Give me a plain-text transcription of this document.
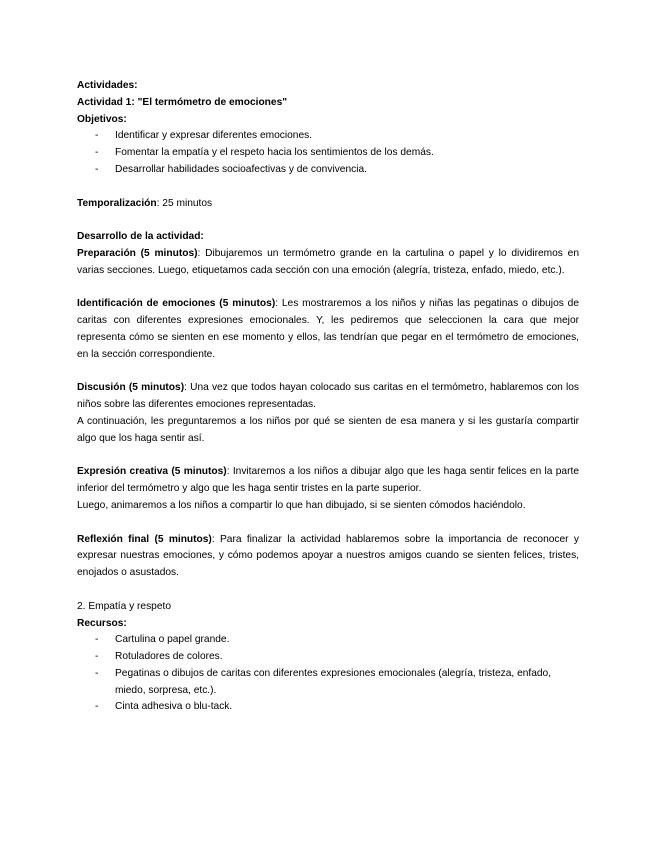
Actividades:

Actividad 1: "El termómetro de emociones"

Objetivos:

- Identificar y expresar diferentes emociones.
- Fomentar la empatía y el respeto hacia los sentimientos de los demás.
- Desarrollar habilidades socioafectivas y de convivencia.

Temporalización: 25 minutos

Desarrollo de la actividad:

Preparación (5 minutos): Dibujaremos un termómetro grande en la cartulina o papel y lo dividiremos en varias secciones. Luego, etiquetamos cada sección con una emoción (alegría, tristeza, enfado, miedo, etc.).

Identificación de emociones (5 minutos): Les mostraremos a los niños y niñas las pegatinas o dibujos de caritas con diferentes expresiones emocionales. Y, les pediremos que seleccionen la cara que mejor representa cómo se sienten en ese momento y ellos, las tendrían que pegar en el termómetro de emociones, en la sección correspondiente.

Discusión (5 minutos): Una vez que todos hayan colocado sus caritas en el termómetro, hablaremos con los niños sobre las diferentes emociones representadas.

A continuación, les preguntaremos a los niños por qué se sienten de esa manera y si les gustaría compartir algo que los haga sentir así.

Expresión creativa (5 minutos): Invitaremos a los niños a dibujar algo que les haga sentir felices en la parte inferior del termómetro y algo que les haga sentir tristes en la parte superior.

Luego, animaremos a los niños a compartir lo que han dibujado, si se sienten cómodos haciéndolo.

Reflexión final (5 minutos): Para finalizar la actividad hablaremos sobre la importancia de reconocer y expresar nuestras emociones, y cómo podemos apoyar a nuestros amigos cuando se sienten felices, tristes, enojados o asustados.

2. Empatía y respeto

Recursos:

- Cartulina o papel grande.
- Rotuladores de colores.
- Pegatinas o dibujos de caritas con diferentes expresiones emocionales (alegría, tristeza, enfado, miedo, sorpresa, etc.).
- Cinta adhesiva o blu-tack.
